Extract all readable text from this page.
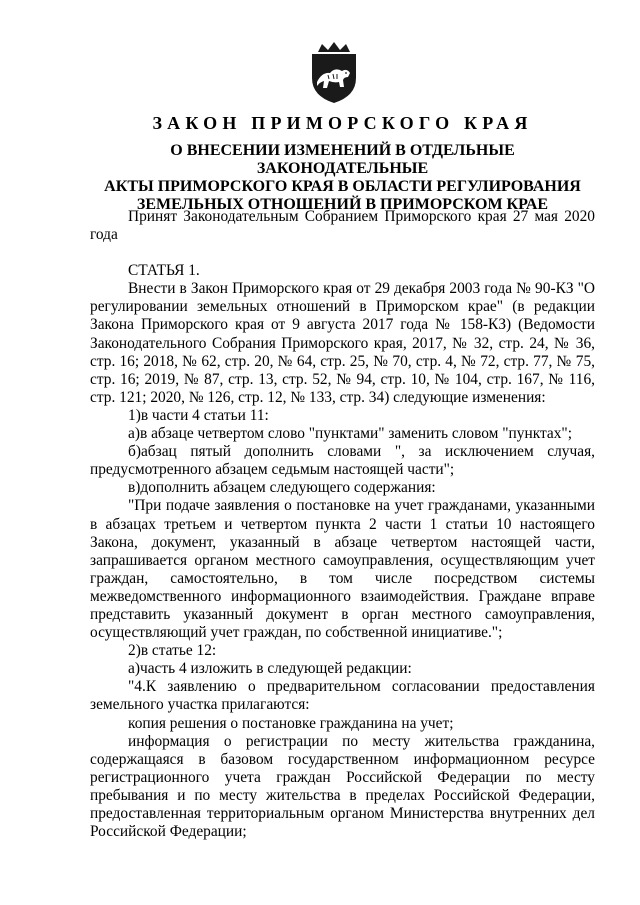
ЗАКОН ПРИМОРСКОГО КРАЯ
О ВНЕСЕНИИ ИЗМЕНЕНИЙ В ОТДЕЛЬНЫЕ ЗАКОНОДАТЕЛЬНЫЕ
АКТЫ ПРИМОРСКОГО КРАЯ В ОБЛАСТИ РЕГУЛИРОВАНИЯ
ЗЕМЕЛЬНЫХ ОТНОШЕНИЙ В ПРИМОРСКОМ КРАЕ

Принят Законодательным Собранием Приморского края 27 мая 2020 года

СТАТЬЯ 1.

Внести в Закон Приморского края от 29 декабря 2003 года № 90-КЗ "О регулировании земельных отношений в Приморском крае" (в редакции Закона Приморского края от 9 августа 2017 года № 158-КЗ) (Ведомости Законодательного Собрания Приморского края, 2017, № 32, стр. 24, № 36, стр. 16; 2018, № 62, стр. 20, № 64, стр. 25, № 70, стр. 4, № 72, стр. 77, № 75, стр. 16; 2019, № 87, стр. 13, стр. 52, № 94, стр. 10, № 104, стр. 167, № 116, стр. 121; 2020, № 126, стр. 12, № 133, стр. 34) следующие изменения:

1)в части 4 статьи 11:

а)в абзаце четвертом слово "пунктами" заменить словом "пунктах";

б)абзац пятый дополнить словами ", за исключением случая, предусмотренного абзацем седьмым настоящей части";

в)дополнить абзацем следующего содержания:

"При подаче заявления о постановке на учет гражданами, указанными в абзацах третьем и четвертом пункта 2 части 1 статьи 10 настоящего Закона, документ, указанный в абзаце четвертом настоящей части, запрашивается органом местного самоуправления, осуществляющим учет граждан, самостоятельно, в том числе посредством системы межведомственного информационного взаимодействия. Граждане вправе представить указанный документ в орган местного самоуправления, осуществляющий учет граждан, по собственной инициативе.";

2)в статье 12:

а)часть 4 изложить в следующей редакции:

"4.К заявлению о предварительном согласовании предоставления земельного участка прилагаются:

копия решения о постановке гражданина на учет;

информация о регистрации по месту жительства гражданина, содержащаяся в базовом государственном информационном ресурсе регистрационного учета граждан Российской Федерации по месту пребывания и по месту жительства в пределах Российской Федерации, предоставленная территориальным органом Министерства внутренних дел Российской Федерации;
